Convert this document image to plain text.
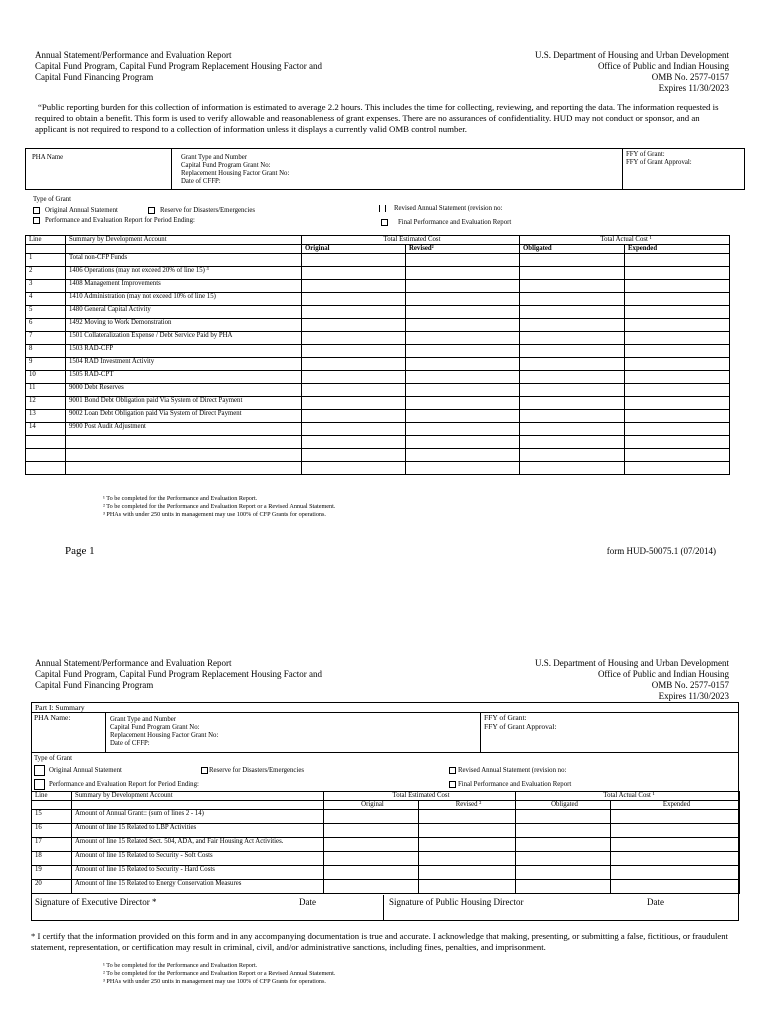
Annual Statement/Performance and Evaluation Report
Capital Fund Program, Capital Fund Program Replacement Housing Factor and
Capital Fund Financing Program
U.S. Department of Housing and Urban Development
Office of Public and Indian Housing
OMB No. 2577-0157
Expires 11/30/2023
“Public reporting burden for this collection of information is estimated to average 2.2 hours. This includes the time for collecting, reviewing, and reporting the data. The information requested is required to obtain a benefit. This form is used to verify allowable and reasonableness of grant expenses. There are no assurances of confidentiality. HUD may not conduct or sponsor, and an applicant is not required to respond to a collection of information unless it displays a currently valid OMB control number.
PHA Name	Grant Type and Number
Capital Fund Program Grant No:
Replacement Housing Factor Grant No:
Date of CFFP:
FFY of Grant:
FFY of Grant Approval:
Type of Grant
Original Annual Statement	Reserve for Disasters/Emergencies	Revised Annual Statement (revision no:
Performance and Evaluation Report for Period Ending:	Final Performance and Evaluation Report
Line	Summary by Development Account	Total Estimated Cost		Total Actual Cost ¹	
		Original	Revised²	Obligated	Expended
1	Total non-CFP Funds				
2	1406 Operations (may not exceed 20% of line 15) ³				
3	1408 Management Improvements				
4	1410 Administration (may not exceed 10% of line 15)				
5	1480 General Capital Activity				
6	1492 Moving to Work Demonstration				
7	1501 Collateralization Expense / Debt Service Paid by PHA				
8	1503 RAD-CFP				
9	1504 RAD Investment Activity				
10	1505 RAD-CPT				
11	9000 Debt Reserves				
12	9001 Bond Debt Obligation paid Via System of Direct Payment				
13	9002 Loan Debt Obligation paid Via System of Direct Payment				
14	9900 Post Audit Adjustment				

¹ To be completed for the Performance and Evaluation Report.
² To be completed for the Performance and Evaluation Report or a Revised Annual Statement.
³ PHAs with under 250 units in management may use 100% of CFP Grants for operations.
Page 1	form HUD-50075.1 (07/2014)
Annual Statement/Performance and Evaluation Report
Capital Fund Program, Capital Fund Program Replacement Housing Factor and
Capital Fund Financing Program
U.S. Department of Housing and Urban Development
Office of Public and Indian Housing
OMB No. 2577-0157
Expires 11/30/2023
Part I: Summary
PHA Name:	Grant Type and Number
Capital Fund Program Grant No:
Replacement Housing Factor Grant No:
Date of CFFP:
FFY of Grant:
FFY of Grant Approval:
Type of Grant
Original Annual Statement	Reserve for Disasters/Emergencies	Revised Annual Statement (revision no:
Performance and Evaluation Report for Period Ending:	Final Performance and Evaluation Report
Line	Summary by Development Account	Total Estimated Cost		Total Actual Cost ¹	
		Original	Revised ²	Obligated	Expended
15	Amount of Annual Grant:: (sum of lines 2 - 14)				
16	Amount of line 15 Related to LBP Activities				
17	Amount of line 15 Related Sect. 504, ADA, and Fair Housing Act Activities.				
18	Amount of line 15 Related to Security - Soft Costs				
19	Amount of line 15 Related to Security - Hard Costs				
20	Amount of line 15 Related to Energy Conservation Measures				
Signature of Executive Director *	Date	Signature of Public Housing Director	Date
* I certify that the information provided on this form and in any accompanying documentation is true and accurate. I acknowledge that making, presenting, or submitting a false, fictitious, or fraudulent statement, representation, or certification may result in criminal, civil, and/or administrative sanctions, including fines, penalties, and imprisonment.
¹ To be completed for the Performance and Evaluation Report.
² To be completed for the Performance and Evaluation Report or a Revised Annual Statement.
³ PHAs with under 250 units in management may use 100% of CFP Grants for operations.
